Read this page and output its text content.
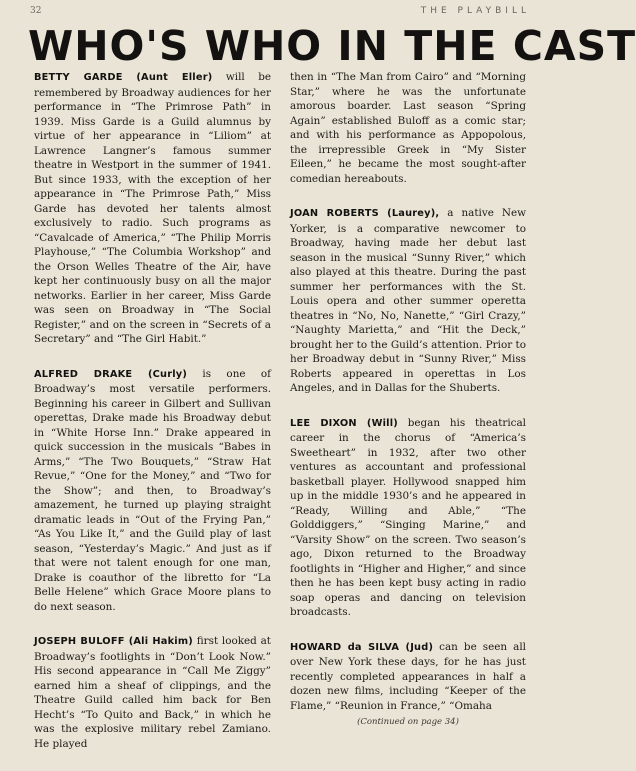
32	THE PLAYBILL
WHO'S WHO IN THE CAST

BETTY GARDE (Aunt Eller) will be remembered by Broadway audiences for her performance in “The Primrose Path” in 1939. Miss Garde is a Guild alumnus by virtue of her appearance in “Liliom” at Lawrence Langner’s famous summer theatre in Westport in the summer of 1941. But since 1933, with the exception of her appearance in “The Primrose Path,” Miss Garde has devoted her talents almost exclusively to radio. Such programs as “Cavalcade of America,” “The Philip Morris Playhouse,” “The Columbia Workshop” and the Orson Welles Theatre of the Air, have kept her continuously busy on all the major networks. Earlier in her career, Miss Garde was seen on Broadway in “The Social Register,” and on the screen in “Secrets of a Secretary” and “The Girl Habit.”

ALFRED DRAKE (Curly) is one of Broadway’s most versatile performers. Beginning his career in Gilbert and Sullivan operettas, Drake made his Broadway debut in “White Horse Inn.” Drake appeared in quick succession in the musicals “Babes in Arms,” “The Two Bouquets,” “Straw Hat Revue,” “One for the Money,” and “Two for the Show”; and then, to Broadway’s amazement, he turned up playing straight dramatic leads in “Out of the Frying Pan,” “As You Like It,” and the Guild play of last season, “Yesterday’s Magic.” And just as if that were not talent enough for one man, Drake is coauthor of the libretto for “La Belle Helene” which Grace Moore plans to do next season.

JOSEPH BULOFF (Ali Hakim) first looked at Broadway’s footlights in “Don’t Look Now.” His second appearance in “Call Me Ziggy” earned him a sheaf of clippings, and the Theatre Guild called him back for Ben Hecht’s “To Quito and Back,” in which he was the explosive military rebel Zamiano. He played

then in “The Man from Cairo” and “Morning Star,” where he was the unfortunate amorous boarder. Last season “Spring Again” established Buloff as a comic star; and with his performance as Appopolous, the irrepressible Greek in “My Sister Eileen,” he became the most sought-after comedian hereabouts.

JOAN ROBERTS (Laurey), a native New Yorker, is a comparative newcomer to Broadway, having made her debut last season in the musical “Sunny River,” which also played at this theatre. During the past summer her performances with the St. Louis opera and other summer operetta theatres in “No, No, Nanette,” “Girl Crazy,” “Naughty Marietta,” and “Hit the Deck,” brought her to the Guild’s attention. Prior to her Broadway debut in “Sunny River,” Miss Roberts appeared in operettas in Los Angeles, and in Dallas for the Shuberts.

LEE DIXON (Will) began his theatrical career in the chorus of “America’s Sweetheart” in 1932, after two other ventures as accountant and professional basketball player. Hollywood snapped him up in the middle 1930’s and he appeared in “Ready, Willing and Able,” “The Golddiggers,” “Singing Marine,” and “Varsity Show” on the screen. Two season’s ago, Dixon returned to the Broadway footlights in “Higher and Higher,” and since then he has been kept busy acting in radio soap operas and dancing on television broadcasts.

HOWARD da SILVA (Jud) can be seen all over New York these days, for he has just recently completed appearances in half a dozen new films, including “Keeper of the Flame,” “Reunion in France,” “Omaha

(Continued on page 34)
